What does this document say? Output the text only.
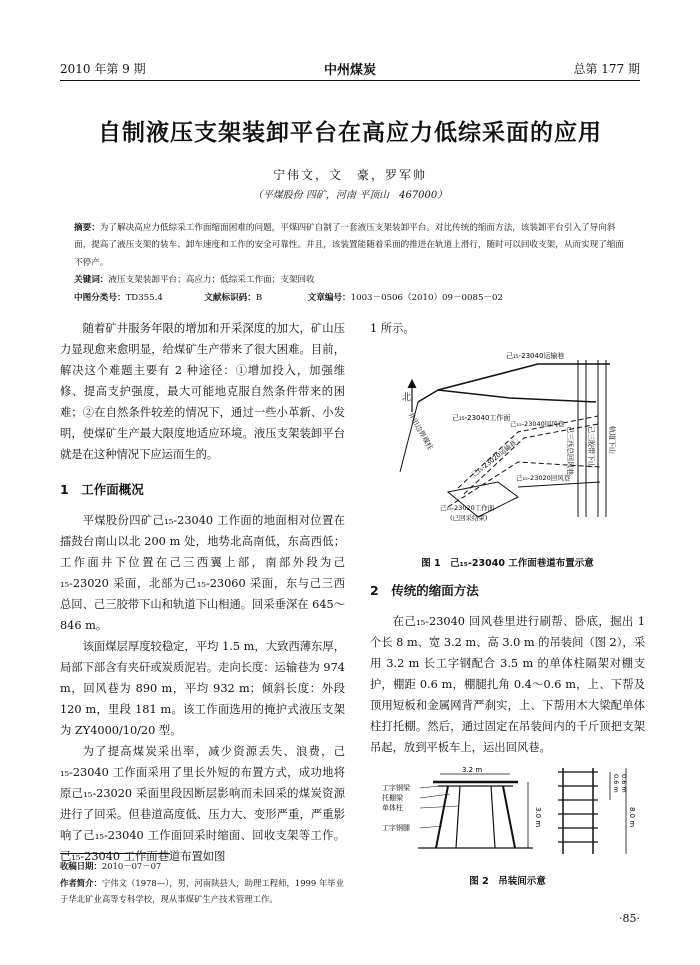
2010 年第 9 期	中州煤炭	总第 177 期
自制液压支架装卸平台在高应力低综采面的应用
宁伟文，文　豪，罗军帅
（平煤股份 四矿，河南 平顶山　467000）
摘要：为了解决高应力低综采工作面缩面困难的问题，平煤四矿自制了一套液压支架装卸平台。对比传统的缩面方法，该装卸平台引入了导向斜面，提高了液压支架的装车、卸车速度和工作的安全可靠性。并且，该装置能随着采面的推进在轨道上滑行，随时可以回收支架，从而实现了缩面不停产。
关键词：液压支架装卸平台；高应力；低综采工作面；支架回收
中图分类号：TD355.4	文献标识码：B	文章编号：1003－0506（2010）09－0085－02

随着矿井服务年限的增加和开采深度的加大，矿山压力显现愈来愈明显，给煤矿生产带来了很大困难。目前，解决这个难题主要有 2 种途径：①增加投入，加强维修、提高支护强度，最大可能地克服自然条件带来的困难；②在自然条件较差的情况下，通过一些小革新、小发明，使煤矿生产最大限度地适应环境。液压支架装卸平台就是在这种情况下应运而生的。

1　工作面概况

平煤股份四矿己₁₅-23040 工作面的地面相对位置在擂鼓台南山以北 200 m 处，地势北高南低，东高西低；工作面井下位置在己三西翼上部，南部外段为己₁₅-23020 采面，北部为己₁₅-23060 采面，东与己三西总回、己三胶带下山和轨道下山相通。回采垂深在 645～846 m。

该面煤层厚度较稳定，平均 1.5 m，大致西薄东厚，局部下部含有夹矸或炭质泥岩。走向长度：运输巷为 974 m，回风巷为 890 m，平均 932 m；倾斜长度：外段 120 m，里段 181 m。该工作面选用的掩护式液压支架为 ZY4000/10/20 型。

为了提高煤炭采出率，减少资源丢失、浪费，己₁₅-23040 工作面采用了里长外短的布置方式，成功地将原己₁₅-23020 采面里段因断层影响而未回采的煤炭资源进行了回采。但巷道高度低、压力大、变形严重，严重影响了己₁₅-23040 工作面回采时缩面、回收支架等工作。己₁₅-23040 工作面巷道布置如图

收稿日期：2010－07－07
作者简介：宁伟文（1978—），男，河南陕县人，助理工程师，1999 年毕业于华北矿业高等专科学校，现从事煤矿生产技术管理工作。
1 所示。
北
己₁₅-23040运输巷
己₁₅-23040工作面
己₁₅-23040回风巷
己₁₅-23020工作面
(已回采结束)
己₁₅-23020回风巷
己₁₅-23020运输巷
井田边界煤柱	己三西总回风巷 己三胶带下山 轨道下山
图 1　己₁₅-23040 工作面巷道布置示意
2　传统的缩面方法

在己₁₅-23040 回风巷里进行刷帮、卧底，掘出 1 个长 8 m、宽 3.2 m、高 3.0 m 的吊装间（图 2），采用 3.2 m 长工字钢配合 3.5 m 的单体柱隔架对棚支护，棚距 0.6 m，棚腿扎角 0.4～0.6 m，上、下帮及顶用短板和金属网背严刹实，上、下帮用木大梁配单体柱打托棚。然后，通过固定在吊装间内的千斤顶把支架吊起，放到平板车上，运出回风巷。

3.2 m
3.0 m
0.6 m 0.6 m
8.0 m
工字钢梁
托棚梁
单体柱
工字钢腿
图 2　吊装间示意
·85·
